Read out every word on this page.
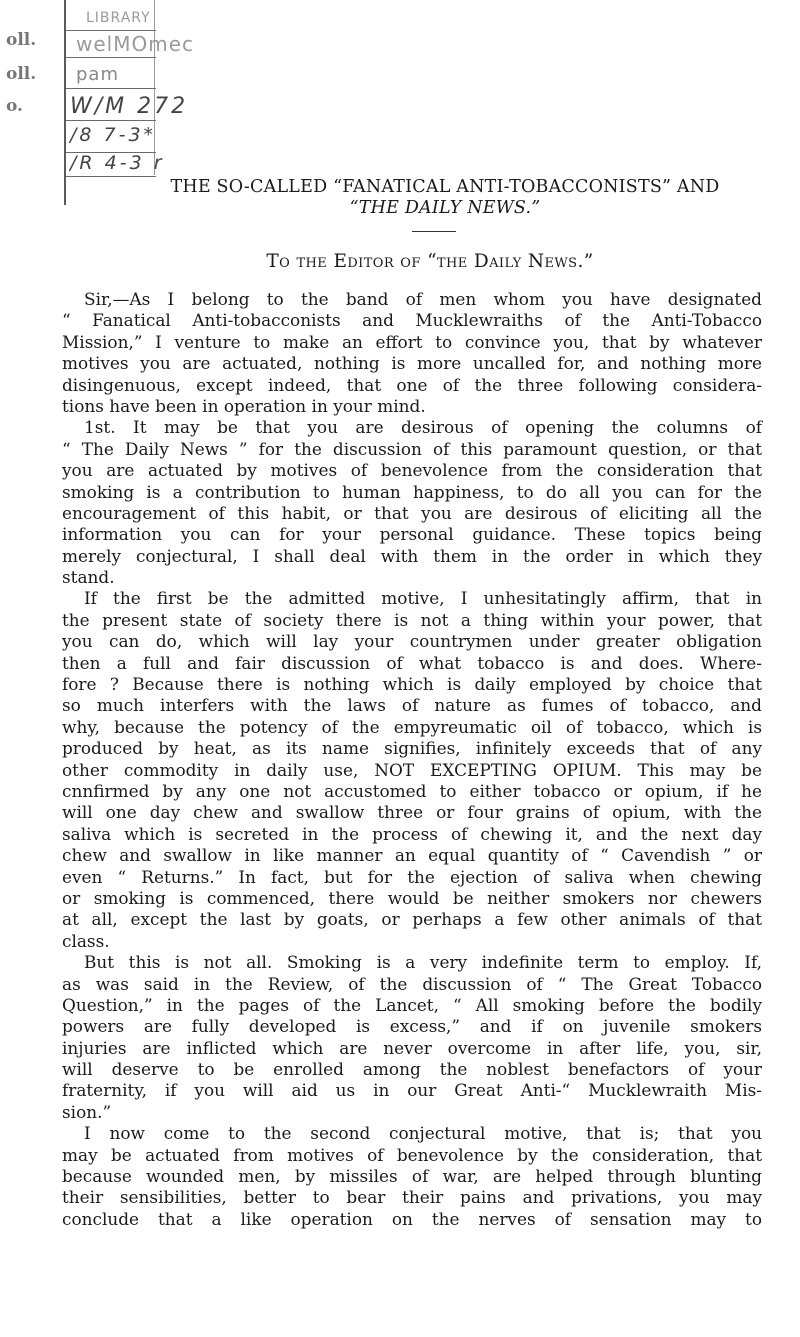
oll.
oll.
o.
LIBRARY
welMOmec
pam
W/M 272
/8 7-3*
/R 4-3 r
THE SO-CALLED “FANATICAL ANTI-TOBACCONISTS” AND
“THE DAILY NEWS.”
To the Editor of “the Daily News.”
Sir,—As I belong to the band of men whom you have designated
“ Fanatical Anti-tobacconists and Mucklewraiths of the Anti-Tobacco
Mission,” I venture to make an effort to convince you, that by whatever
motives you are actuated, nothing is more uncalled for, and nothing more
disingenuous, except indeed, that one of the three following considera-
tions have been in operation in your mind.
1st. It may be that you are desirous of opening the columns of
“ The Daily News ” for the discussion of this paramount question, or that
you are actuated by motives of benevolence from the consideration that
smoking is a contribution to human happiness, to do all you can for the
encouragement of this habit, or that you are desirous of eliciting all the
information you can for your personal guidance. These topics being
merely conjectural, I shall deal with them in the order in which they
stand.
If the first be the admitted motive, I unhesitatingly affirm, that in
the present state of society there is not a thing within your power, that
you can do, which will lay your countrymen under greater obligation
then a full and fair discussion of what tobacco is and does. Where-
fore ? Because there is nothing which is daily employed by choice that
so much interfers with the laws of nature as fumes of tobacco, and
why, because the potency of the empyreumatic oil of tobacco, which is
produced by heat, as its name signifies, infinitely exceeds that of any
other commodity in daily use, NOT EXCEPTING OPIUM. This may be
cnnfirmed by any one not accustomed to either tobacco or opium, if he
will one day chew and swallow three or four grains of opium, with the
saliva which is secreted in the process of chewing it, and the next day
chew and swallow in like manner an equal quantity of “ Cavendish ” or
even “ Returns.” In fact, but for the ejection of saliva when chewing
or smoking is commenced, there would be neither smokers nor chewers
at all, except the last by goats, or perhaps a few other animals of that
class.
But this is not all. Smoking is a very indefinite term to employ. If,
as was said in the Review, of the discussion of “ The Great Tobacco
Question,” in the pages of the Lancet, “ All smoking before the bodily
powers are fully developed is excess,” and if on juvenile smokers
injuries are inflicted which are never overcome in after life, you, sir,
will deserve to be enrolled among the noblest benefactors of your
fraternity, if you will aid us in our Great Anti-“ Mucklewraith Mis-
sion.”
I now come to the second conjectural motive, that is; that you
may be actuated from motives of benevolence by the consideration, that
because wounded men, by missiles of war, are helped through blunting
their sensibilities, better to bear their pains and privations, you may
conclude that a like operation on the nerves of sensation may to
